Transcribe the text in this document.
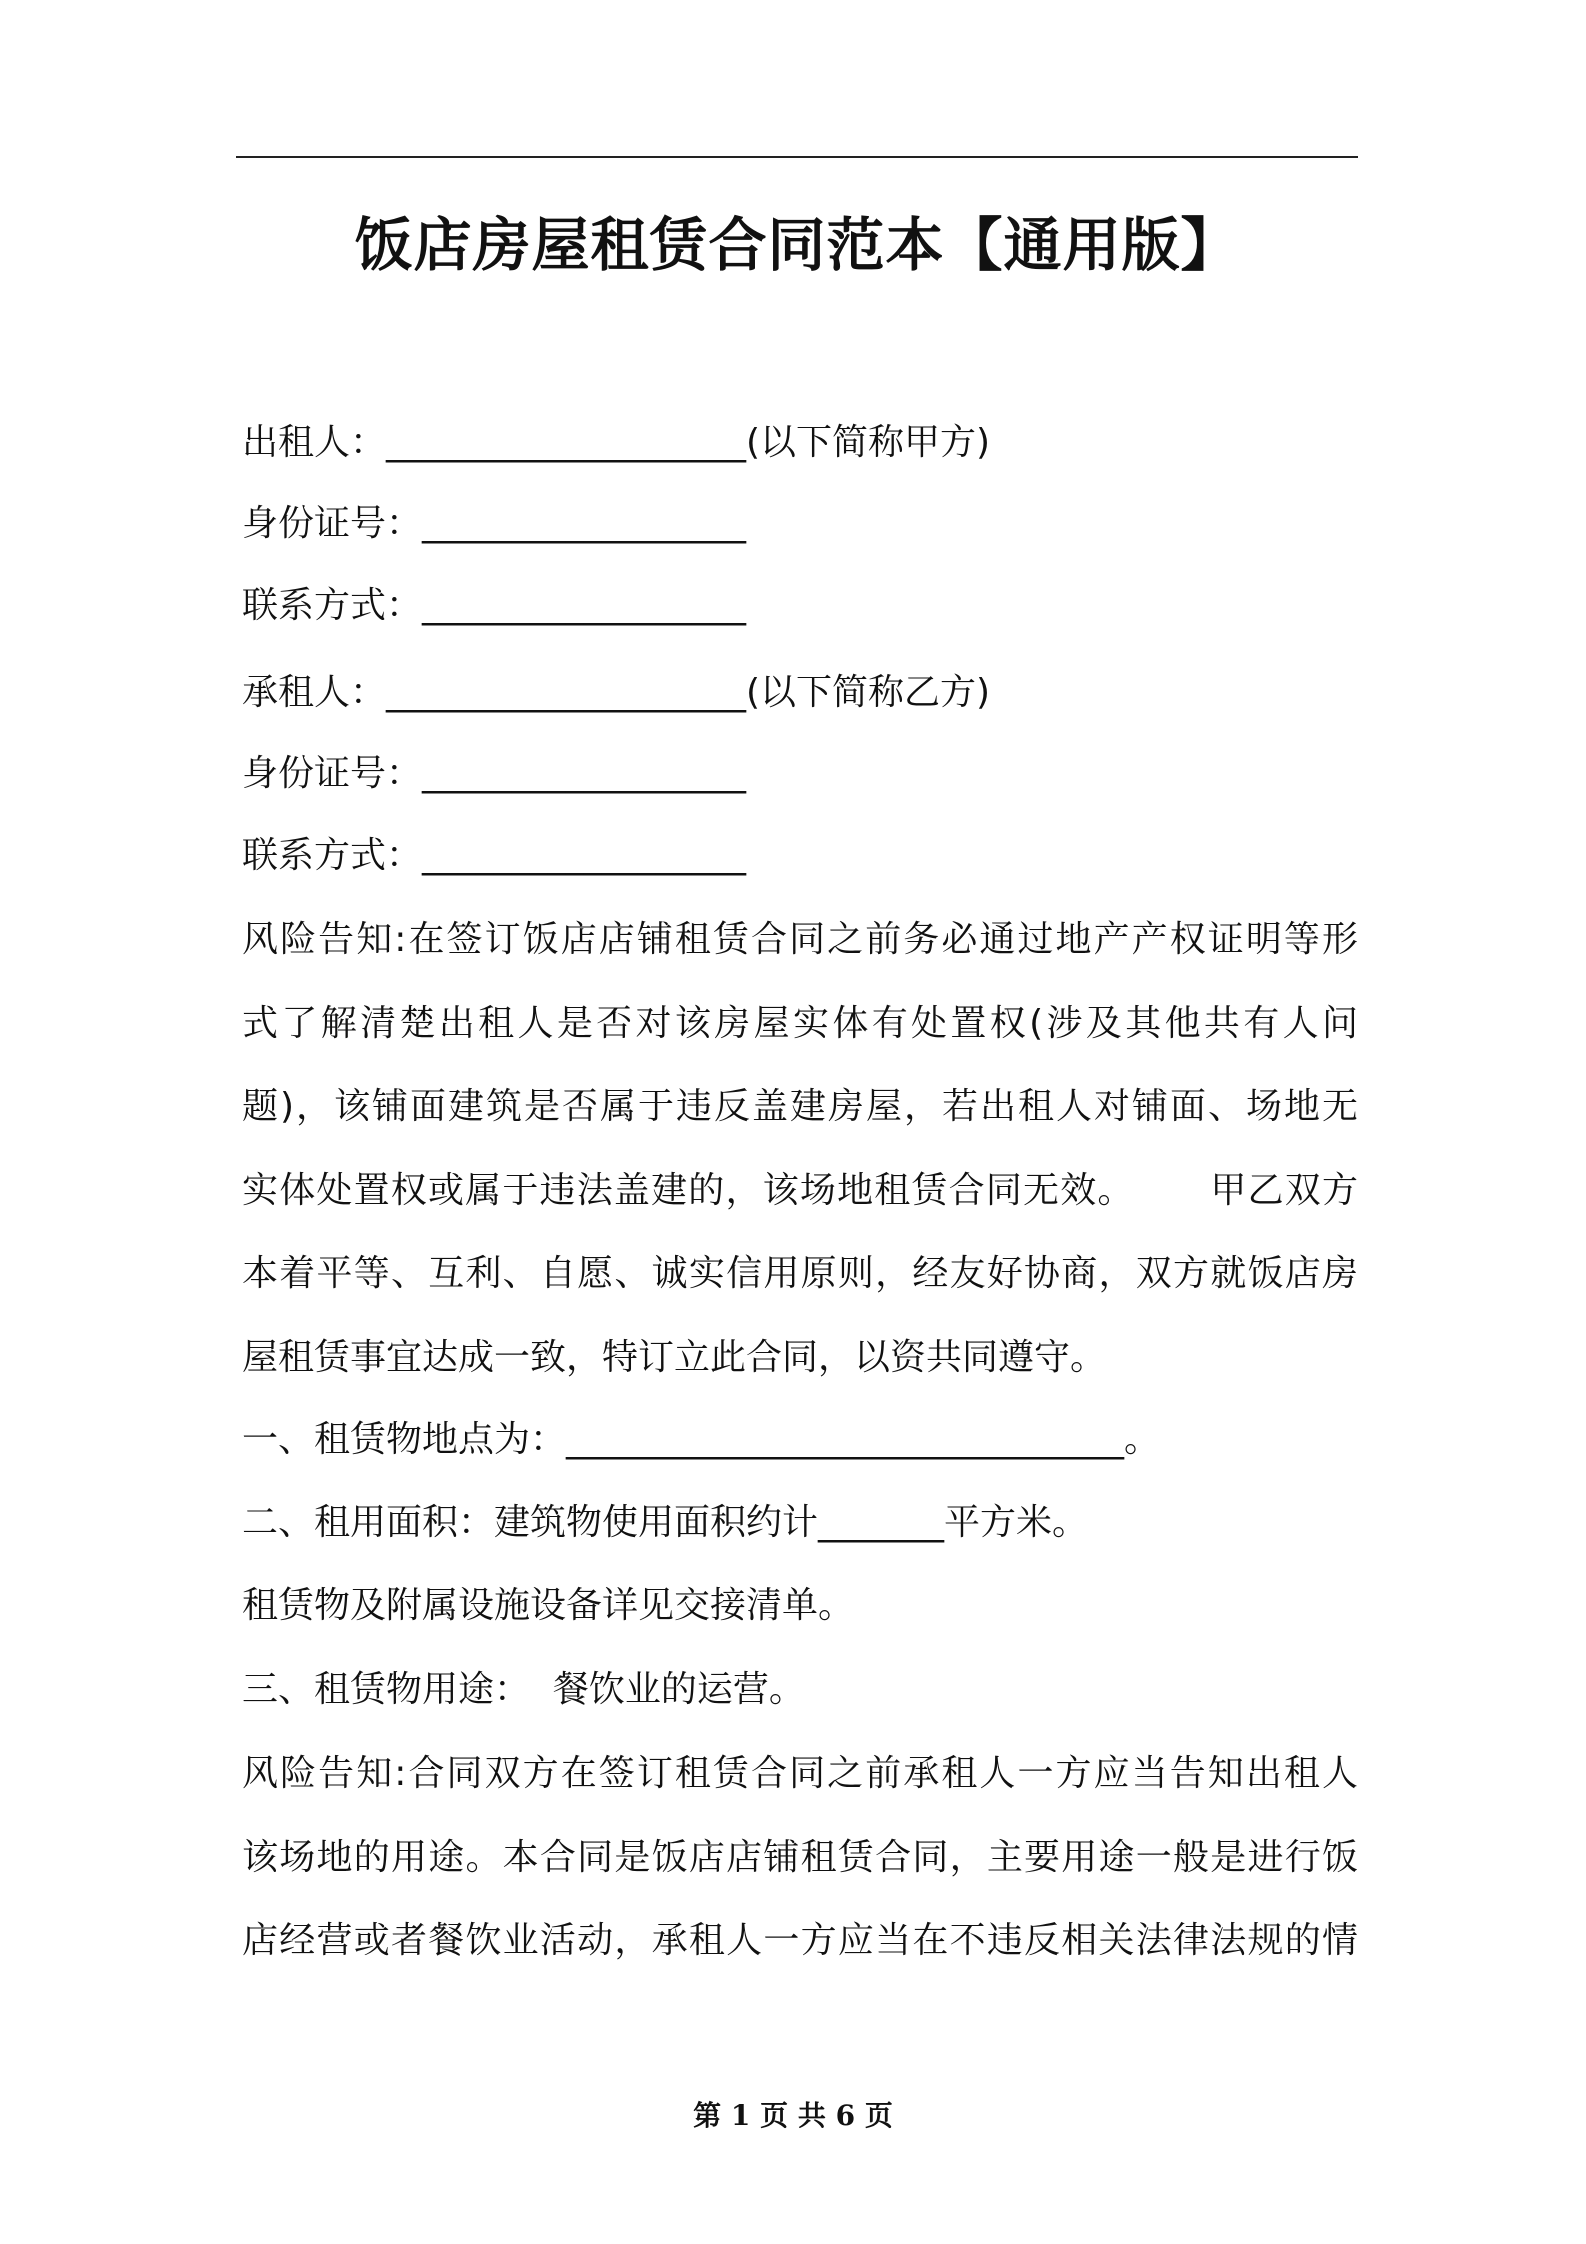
饭店房屋租赁合同范本【通用版】
出租人：____________________(以下简称甲方)
身份证号：__________________
联系方式：__________________
承租人：____________________(以下简称乙方)
身份证号：__________________
联系方式：__________________
风险告知:在签订饭店店铺租赁合同之前务必通过地产产权证明等形
式了解清楚出租人是否对该房屋实体有处置权(涉及其他共有人问
题)，该铺面建筑是否属于违反盖建房屋，若出租人对铺面、场地无
实体处置权或属于违法盖建的，该场地租赁合同无效。      甲乙双方
本着平等、互利、自愿、诚实信用原则，经友好协商，双方就饭店房
屋租赁事宜达成一致，特订立此合同，以资共同遵守。
一、租赁物地点为：_______________________________。
二、租用面积：建筑物使用面积约计_______平方米。
租赁物及附属设施设备详见交接清单。
三、租赁物用途：  餐饮业的运营。
风险告知:合同双方在签订租赁合同之前承租人一方应当告知出租人
该场地的用途。本合同是饭店店铺租赁合同，主要用途一般是进行饭
店经营或者餐饮业活动，承租人一方应当在不违反相关法律法规的情
第 1 页 共 6 页
